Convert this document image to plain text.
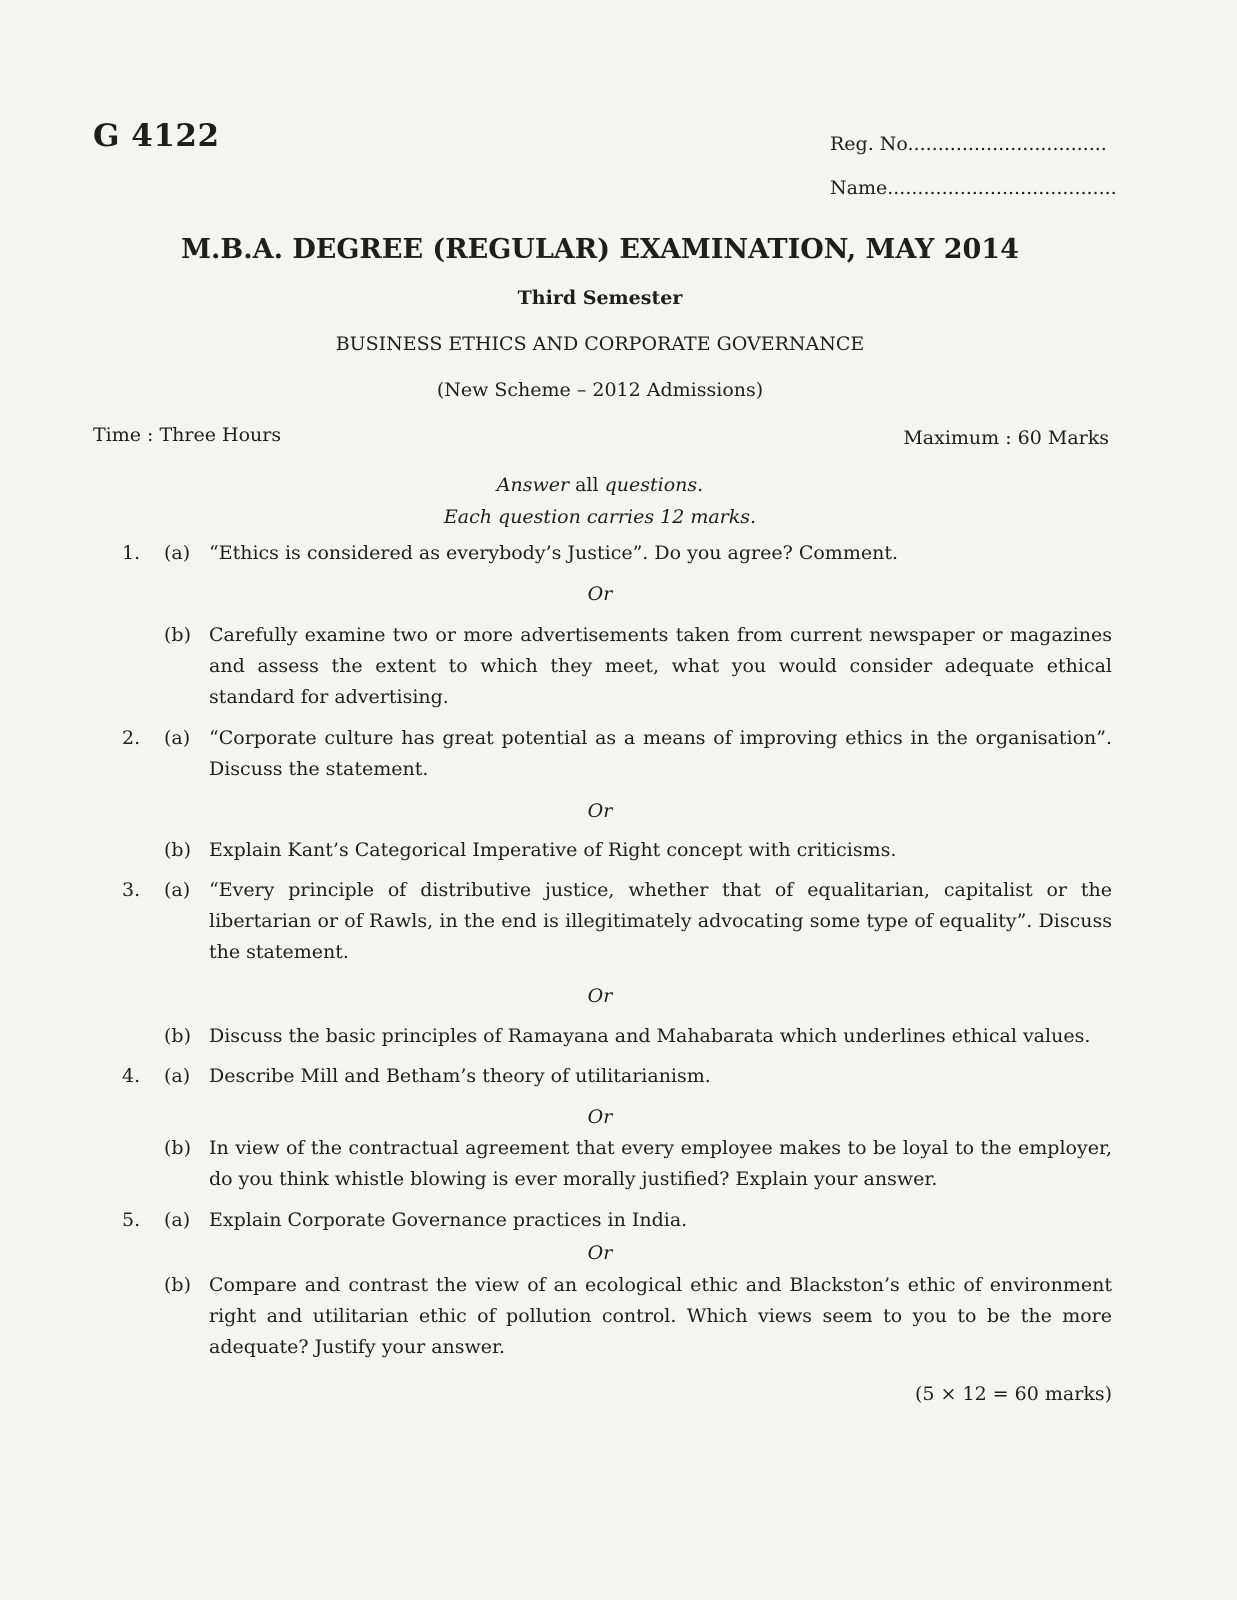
G 4122	Reg. No.................................
Name......................................
M.B.A. DEGREE (REGULAR) EXAMINATION, MAY 2014
Third Semester
BUSINESS ETHICS AND CORPORATE GOVERNANCE
(New Scheme – 2012 Admissions)
Time : Three Hours	Maximum : 60 Marks
Answer all questions.
Each question carries 12 marks.
1. (a) “Ethics is considered as everybody’s Justice”. Do you agree? Comment.
Or
(b) Carefully examine two or more advertisements taken from current newspaper or magazines and assess the extent to which they meet, what you would consider adequate ethical standard for advertising.
2. (a) “Corporate culture has great potential as a means of improving ethics in the organisation”. Discuss the statement.
Or
(b) Explain Kant’s Categorical Imperative of Right concept with criticisms.
3. (a) “Every principle of distributive justice, whether that of equalitarian, capitalist or the libertarian or of Rawls, in the end is illegitimately advocating some type of equality”. Discuss the statement.
Or
(b) Discuss the basic principles of Ramayana and Mahabarata which underlines ethical values.
4. (a) Describe Mill and Betham’s theory of utilitarianism.
Or
(b) In view of the contractual agreement that every employee makes to be loyal to the employer, do you think whistle blowing is ever morally justified? Explain your answer.
5. (a) Explain Corporate Governance practices in India.
Or
(b) Compare and contrast the view of an ecological ethic and Blackston’s ethic of environment right and utilitarian ethic of pollution control. Which views seem to you to be the more adequate? Justify your answer.
(5 × 12 = 60 marks)
